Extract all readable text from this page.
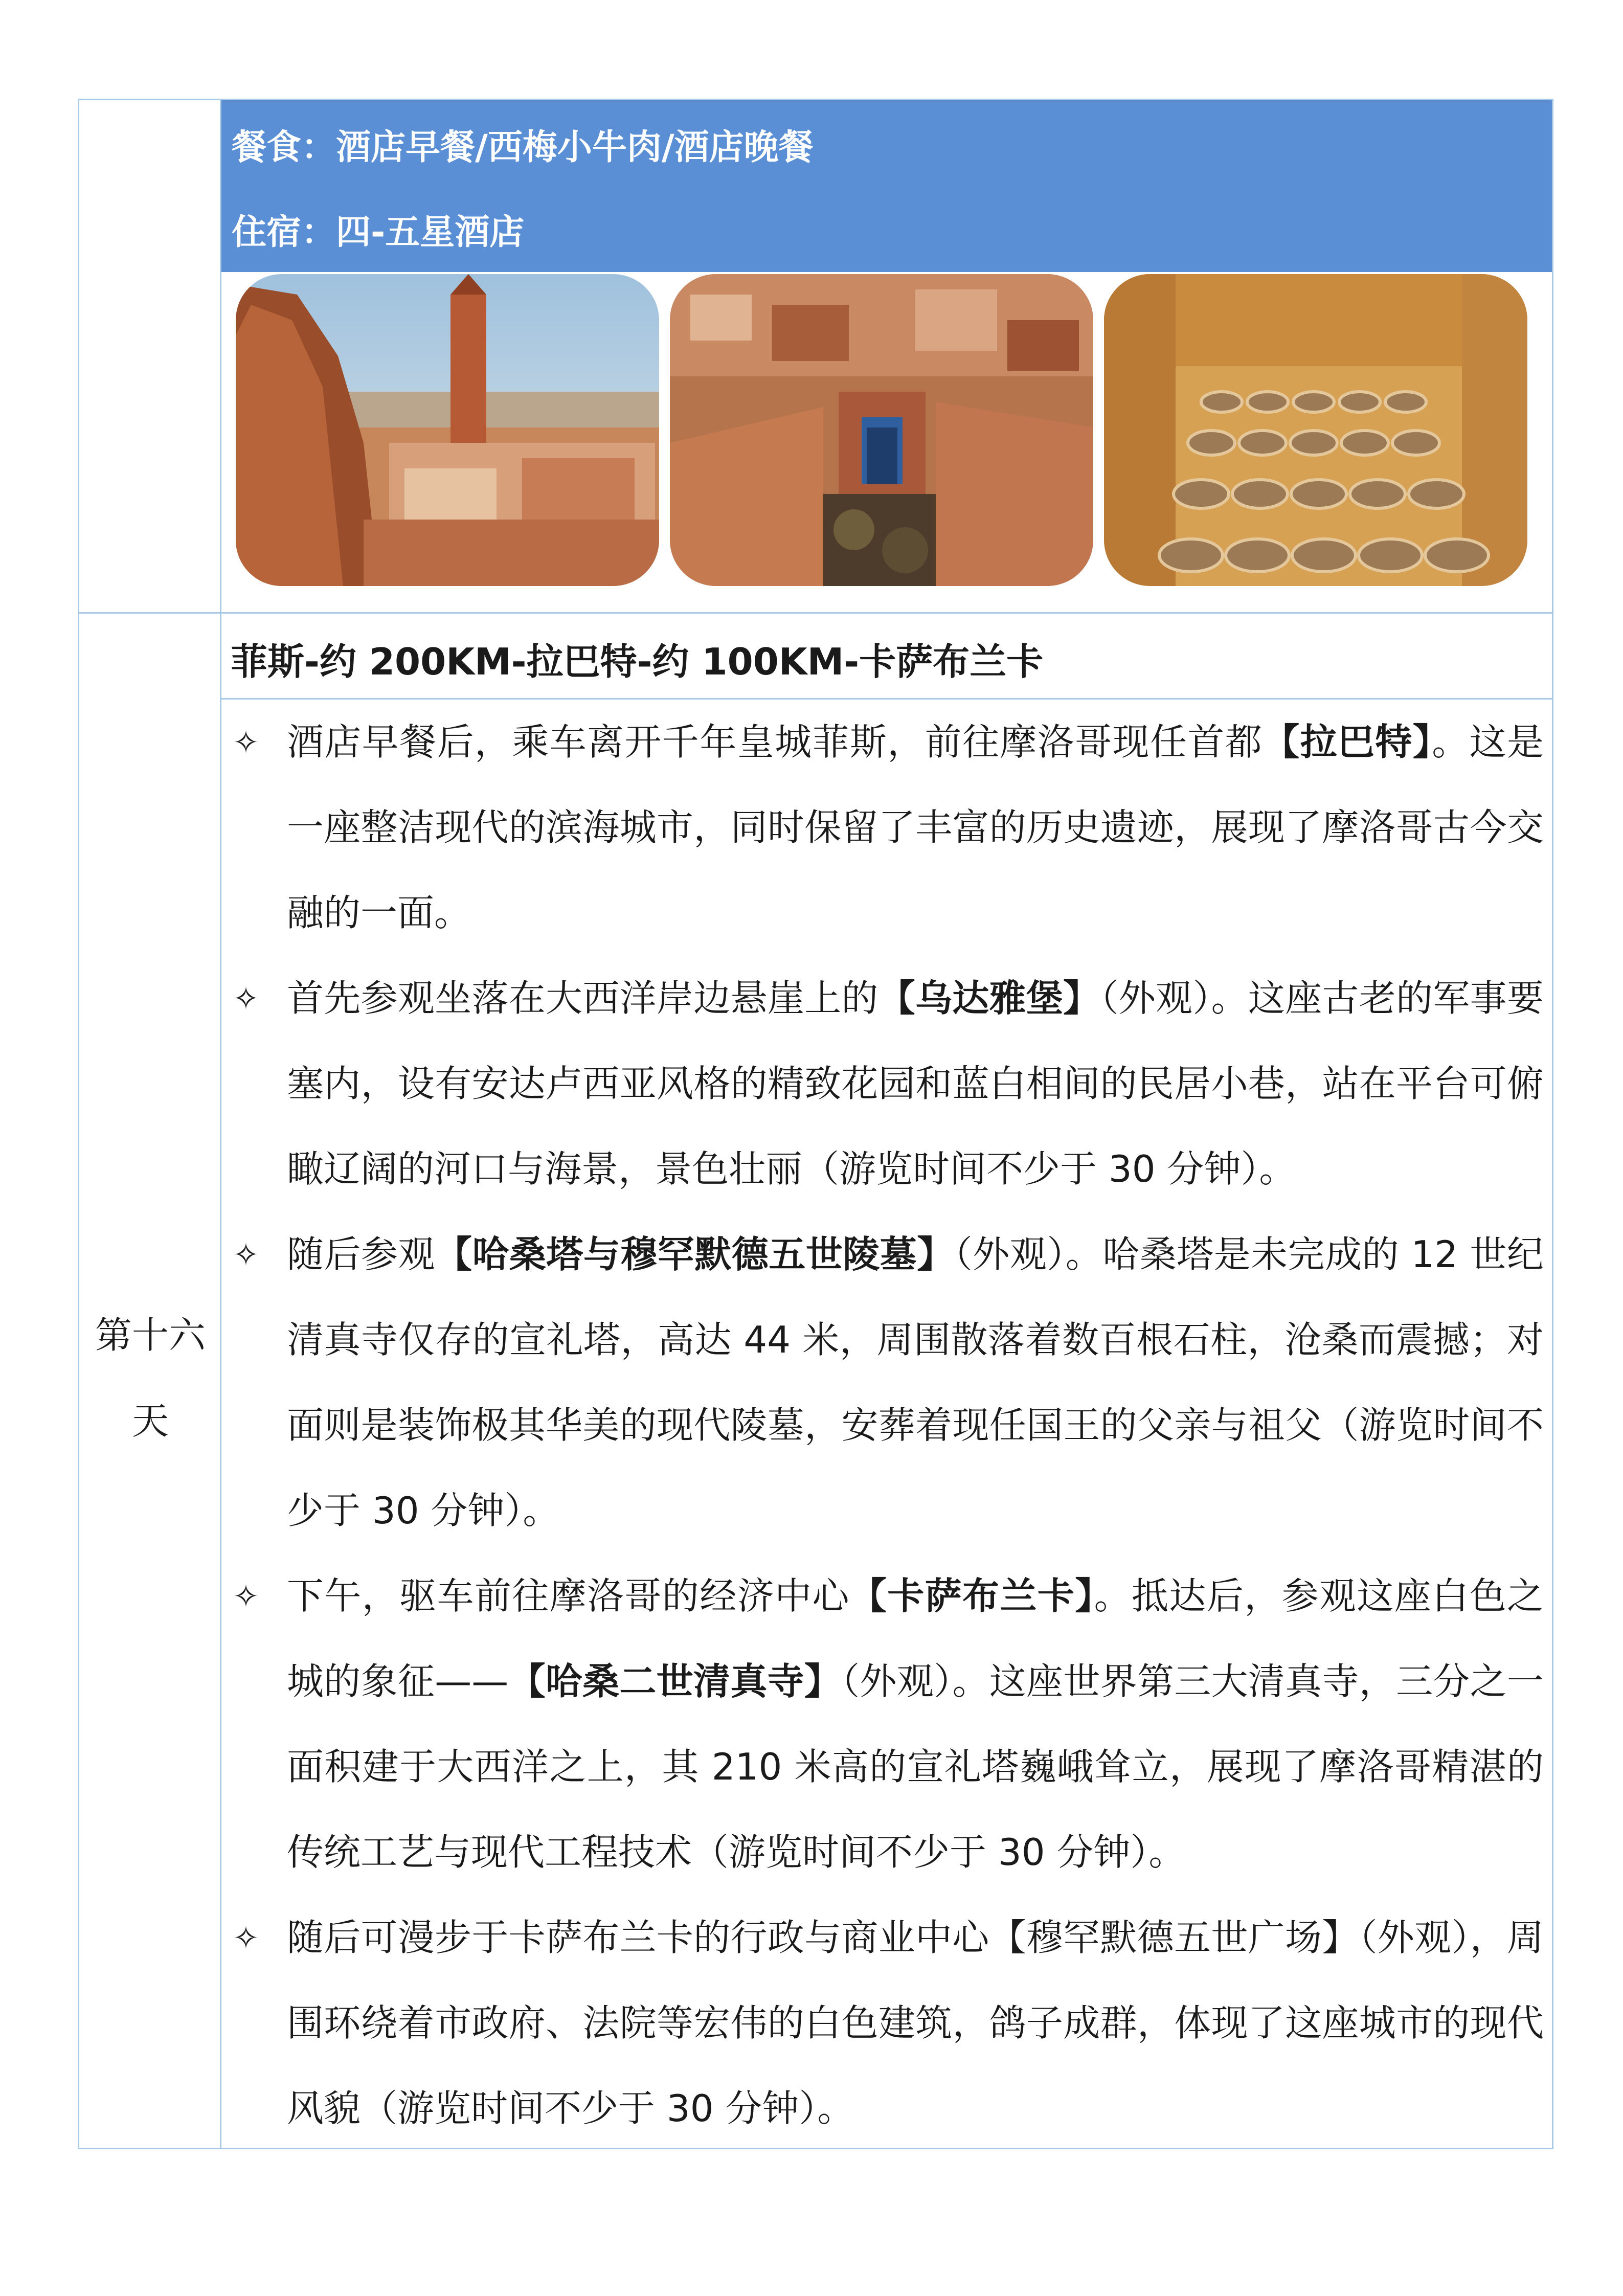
餐食：酒店早餐/西梅小牛肉/酒店晚餐
住宿：四-五星酒店
第十六
天
菲斯-约 200KM-拉巴特-约 100KM-卡萨布兰卡
✧ 酒店早餐后，乘车离开千年皇城菲斯，前往摩洛哥现任首都【拉巴特】。这是一座整洁现代的滨海城市，同时保留了丰富的历史遗迹，展现了摩洛哥古今交融的一面。
✧ 首先参观坐落在大西洋岸边悬崖上的【乌达雅堡】（外观）。这座古老的军事要塞内，设有安达卢西亚风格的精致花园和蓝白相间的民居小巷，站在平台可俯瞰辽阔的河口与海景，景色壮丽（游览时间不少于 30 分钟）。
✧ 随后参观【哈桑塔与穆罕默德五世陵墓】（外观）。哈桑塔是未完成的 12 世纪清真寺仅存的宣礼塔，高达 44 米，周围散落着数百根石柱，沧桑而震撼；对面则是装饰极其华美的现代陵墓，安葬着现任国王的父亲与祖父（游览时间不少于 30 分钟）。
✧ 下午，驱车前往摩洛哥的经济中心【卡萨布兰卡】。抵达后，参观这座白色之城的象征——【哈桑二世清真寺】（外观）。这座世界第三大清真寺，三分之一面积建于大西洋之上，其 210 米高的宣礼塔巍峨耸立，展现了摩洛哥精湛的传统工艺与现代工程技术（游览时间不少于 30 分钟）。
✧ 随后可漫步于卡萨布兰卡的行政与商业中心【穆罕默德五世广场】（外观），周围环绕着市政府、法院等宏伟的白色建筑，鸽子成群，体现了这座城市的现代风貌（游览时间不少于 30 分钟）。
